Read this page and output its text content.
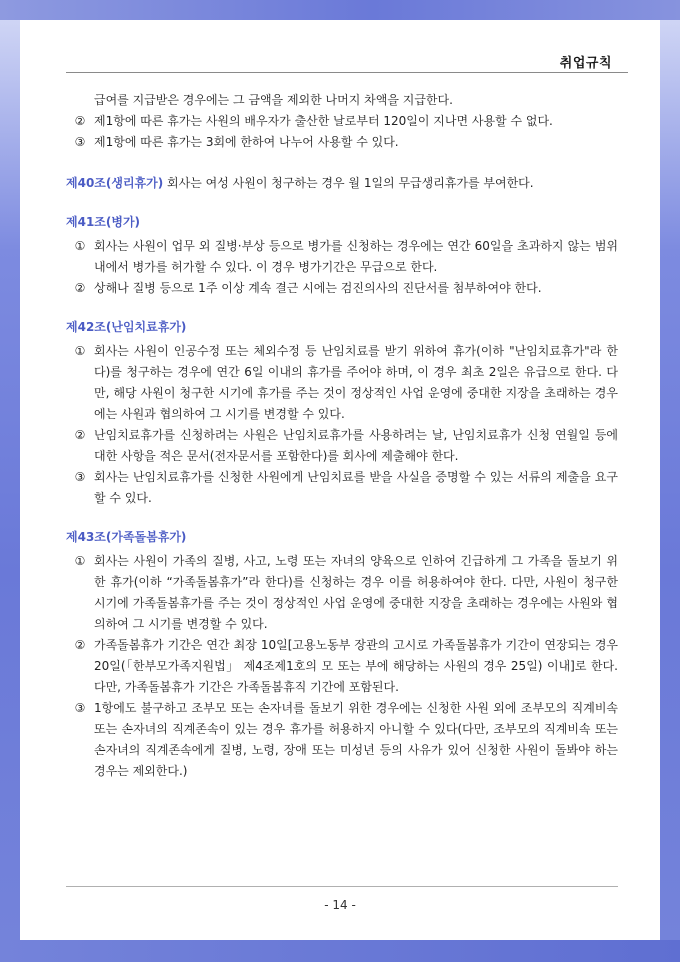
취업규칙
급여를 지급받은 경우에는 그 금액을 제외한 나머지 차액을 지급한다.
② 제1항에 따른 휴가는 사원의 배우자가 출산한 날로부터 120일이 지나면 사용할 수 없다.
③ 제1항에 따른 휴가는 3회에 한하여 나누어 사용할 수 있다.
제40조(생리휴가) 회사는 여성 사원이 청구하는 경우 월 1일의 무급생리휴가를 부여한다.
제41조(병가)
① 회사는 사원이 업무 외 질병·부상 등으로 병가를 신청하는 경우에는 연간 60일을 초과하지 않는 범위 내에서 병가를 허가할 수 있다. 이 경우 병가기간은 무급으로 한다.
② 상해나 질병 등으로 1주 이상 계속 결근 시에는 검진의사의 진단서를 첨부하여야 한다.
제42조(난임치료휴가)
① 회사는 사원이 인공수정 또는 체외수정 등 난임치료를 받기 위하여 휴가(이하 "난임치료휴가"라 한다)를 청구하는 경우에 연간 6일 이내의 휴가를 주어야 하며, 이 경우 최초 2일은 유급으로 한다. 다만, 해당 사원이 청구한 시기에 휴가를 주는 것이 정상적인 사업 운영에 중대한 지장을 초래하는 경우에는 사원과 협의하여 그 시기를 변경할 수 있다.
② 난임치료휴가를 신청하려는 사원은 난임치료휴가를 사용하려는 날, 난임치료휴가 신청 연월일 등에 대한 사항을 적은 문서(전자문서를 포함한다)를 회사에 제출해야 한다.
③ 회사는 난임치료휴가를 신청한 사원에게 난임치료를 받을 사실을 증명할 수 있는 서류의 제출을 요구할 수 있다.
제43조(가족돌봄휴가)
① 회사는 사원이 가족의 질병, 사고, 노령 또는 자녀의 양육으로 인하여 긴급하게 그 가족을 돌보기 위한 휴가(이하 “가족돌봄휴가”라 한다)를 신청하는 경우 이를 허용하여야 한다. 다만, 사원이 청구한 시기에 가족돌봄휴가를 주는 것이 정상적인 사업 운영에 중대한 지장을 초래하는 경우에는 사원와 협의하여 그 시기를 변경할 수 있다.
② 가족돌봄휴가 기간은 연간 최장 10일[고용노동부 장관의 고시로 가족돌봄휴가 기간이 연장되는 경우 20일(「한부모가족지원법」 제4조제1호의 모 또는 부에 해당하는 사원의 경우 25일) 이내]로 한다. 다만, 가족돌봄휴가 기간은 가족돌봄휴직 기간에 포함된다.
③ 1항에도 불구하고 조부모 또는 손자녀를 돌보기 위한 경우에는 신청한 사원 외에 조부모의 직계비속 또는 손자녀의 직계존속이 있는 경우 휴가를 허용하지 아니할 수 있다(다만, 조부모의 직계비속 또는 손자녀의 직계존속에게 질병, 노령, 장애 또는 미성년 등의 사유가 있어 신청한 사원이 돌봐야 하는 경우는 제외한다.)
- 14 -
